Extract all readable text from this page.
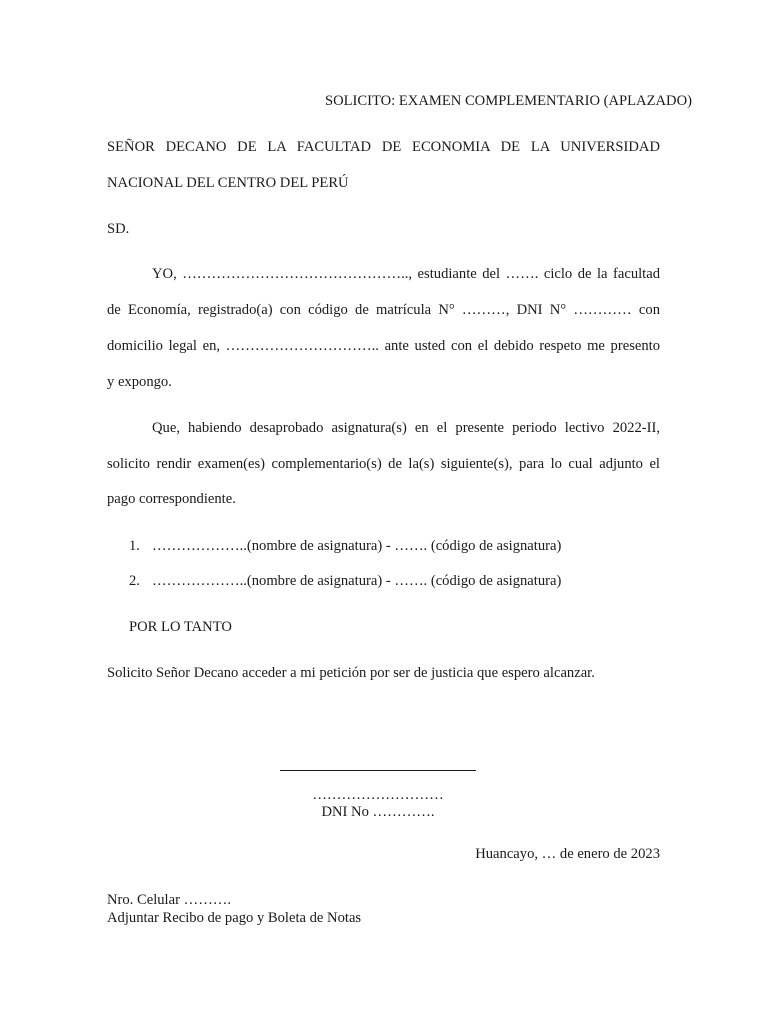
SOLICITO: EXAMEN COMPLEMENTARIO (APLAZADO)
SEÑOR DECANO DE LA FACULTAD DE ECONOMIA DE LA UNIVERSIDAD
NACIONAL DEL CENTRO DEL PERÚ
SD.
YO, ……………………………………….., estudiante del ……. ciclo de la facultad
de Economía, registrado(a) con código de matrícula N° ………, DNI N° ………… con
domicilio legal en, ………………………….. ante usted con el debido respeto me presento
y expongo.
Que, habiendo desaprobado asignatura(s) en el presente periodo lectivo 2022-II,
solicito rendir examen(es) complementario(s) de la(s) siguiente(s), para lo cual adjunto el
pago correspondiente.
1. ………………..(nombre de asignatura) - ……. (código de asignatura)
2. ………………..(nombre de asignatura) - ……. (código de asignatura)
POR LO TANTO
Solicito Señor Decano acceder a mi petición por ser de justicia que espero alcanzar.
………………………
DNI No ………….
Huancayo, … de enero de 2023
Nro. Celular ……….
Adjuntar Recibo de pago y Boleta de Notas
